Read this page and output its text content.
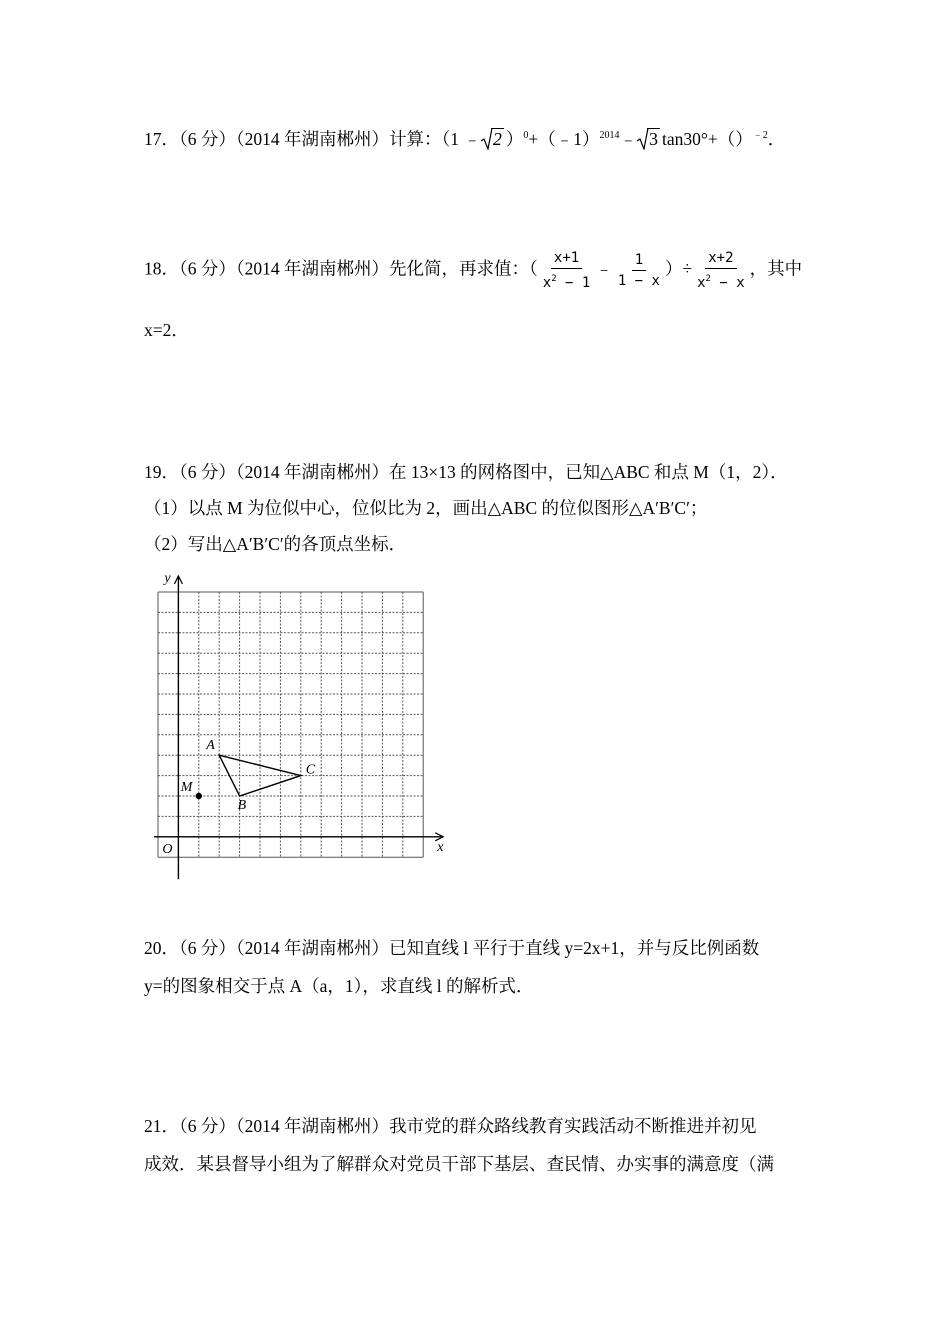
17．（6 分）（2014 年湖南郴州）计算：（1 ﹣ 2 ）$^0$+（﹣1）$^{2014}$﹣ 3 tan30°+（）$^{﹣2}$．
18．（6 分）（2014 年湖南郴州）先化简，再求值：（ $\frac{x+1}{x^2 - 1}$ ﹣ $\frac{1}{1 - x}$ ）÷ $\frac{x+2}{x^2 - x}$ ，其中
x=2．
19．（6 分）（2014 年湖南郴州）在 13×13 的网格图中，已知△ABC 和点 M（1，2）．
（1）以点 M 为位似中心，位似比为 2，画出△ABC 的位似图形△A′B′C′；
（2）写出△A′B′C′的各顶点坐标．
A
B
C
M
y
x
O
20．（6 分）（2014 年湖南郴州）已知直线 l 平行于直线 y=2x+1，并与反比例函数
y=的图象相交于点 A（a，1），求直线 l 的解析式．
21．（6 分）（2014 年湖南郴州）我市党的群众路线教育实践活动不断推进并初见
成效．某县督导小组为了解群众对党员干部下基层、查民情、办实事的满意度（满
